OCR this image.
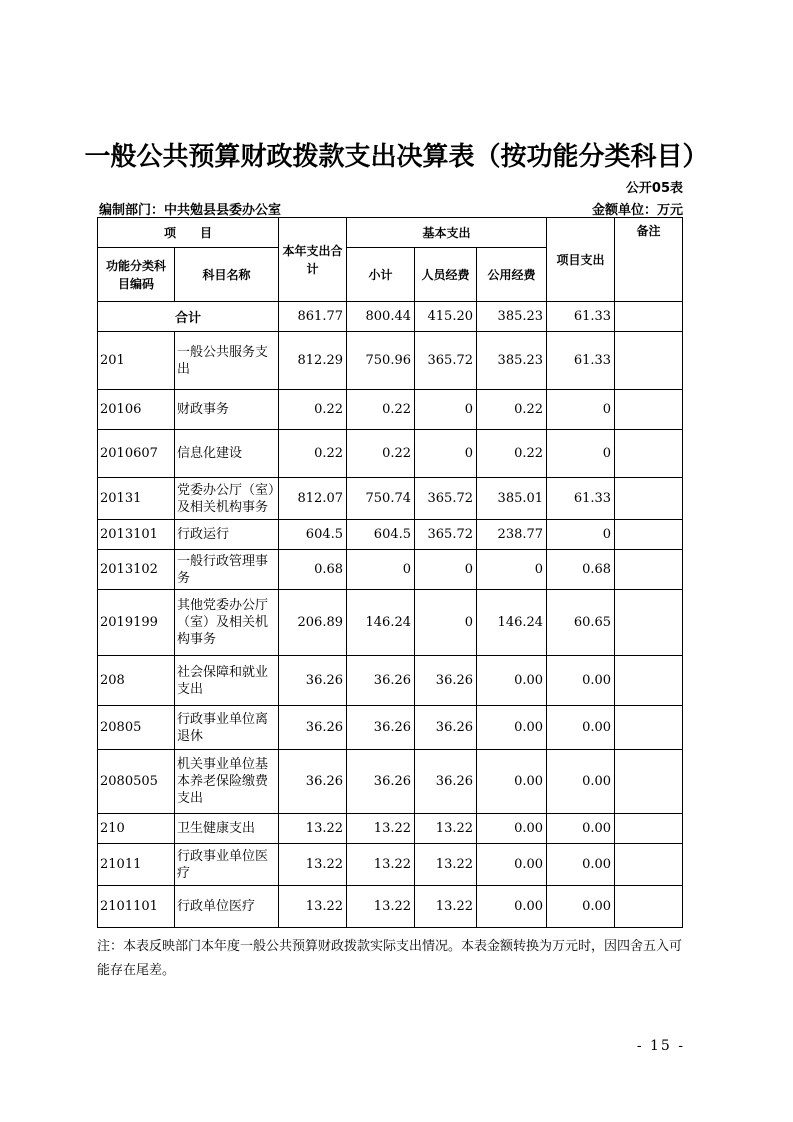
一般公共预算财政拨款支出决算表（按功能分类科目）
公开05表
编制部门：中共勉县县委办公室	金额单位：万元
项　　目		本年支出合计	基本支出			项目支出	备注
功能分类科目编码	科目名称		小计	人员经费	公用经费		
合计		861.77	800.44	415.20	385.23	61.33	
201	一般公共服务支出	812.29	750.96	365.72	385.23	61.33	
20106	财政事务	0.22	0.22	0	0.22	0	
2010607	信息化建设	0.22	0.22	0	0.22	0	
20131	党委办公厅（室）及相关机构事务	812.07	750.74	365.72	385.01	61.33	
2013101	行政运行	604.5	604.5	365.72	238.77	0	
2013102	一般行政管理事务	0.68	0	0	0	0.68	
2019199	其他党委办公厅（室）及相关机构事务	206.89	146.24	0	146.24	60.65	
208	社会保障和就业支出	36.26	36.26	36.26	0.00	0.00	
20805	行政事业单位离退休	36.26	36.26	36.26	0.00	0.00	
2080505	机关事业单位基本养老保险缴费支出	36.26	36.26	36.26	0.00	0.00	
210	卫生健康支出	13.22	13.22	13.22	0.00	0.00	
21011	行政事业单位医疗	13.22	13.22	13.22	0.00	0.00	
2101101	行政单位医疗	13.22	13.22	13.22	0.00	0.00	
注：本表反映部门本年度一般公共预算财政拨款实际支出情况。本表金额转换为万元时，因四舍五入可能存在尾差。
- 15 -
